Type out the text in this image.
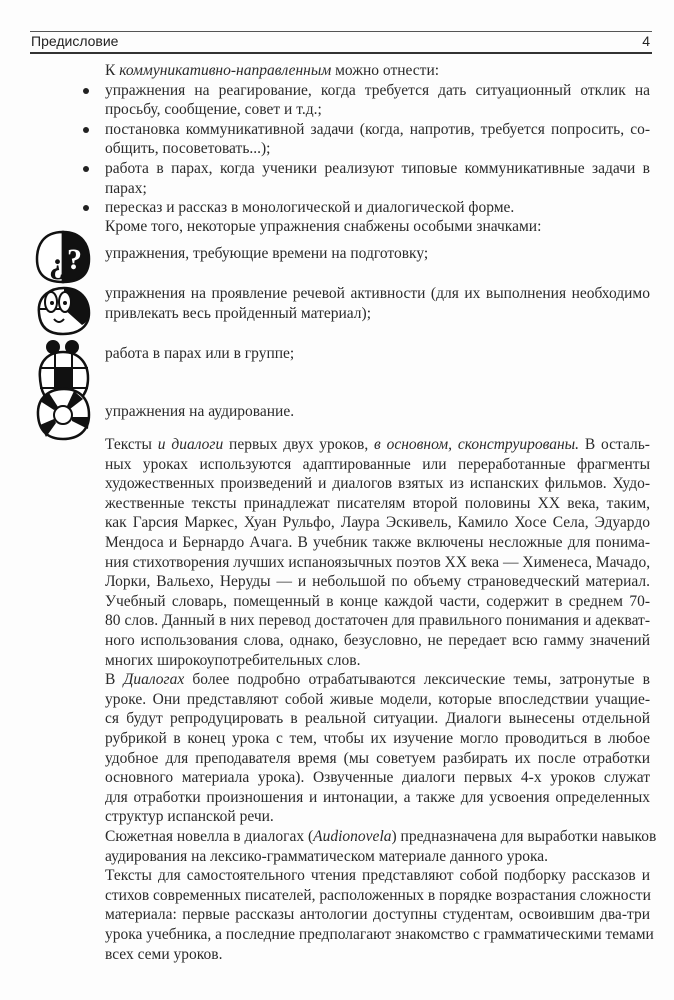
Предисловие	4
К коммуникативно-направленным можно отнести:
упражнения на реагирование, когда требуется дать ситуационный отклик на
просьбу, сообщение, совет и т.д.;
постановка коммуникативной задачи (когда, напротив, требуется попросить, со-
общить, посоветовать...);
работа в парах, когда ученики реализуют типовые коммуникативные задачи в
парах;
пересказ и рассказ в монологической и диалогической форме.
Кроме того, некоторые упражнения снабжены особыми значками:
упражнения, требующие времени на подготовку;
упражнения на проявление речевой активности (для их выполнения необходимо
привлекать весь пройденный материал);
работа в парах или в группе;
упражнения на аудирование.
¿ ?
Тексты и диалоги первых двух уроков, в основном, сконструированы. В осталь-
ных уроках используются адаптированные или переработанные фрагменты
художественных произведений и диалогов взятых из испанских фильмов. Худо-
жественные тексты принадлежат писателям второй половины XX века, таким,
как Гарсия Маркес, Хуан Рульфо, Лаура Эскивель, Камило Хосе Села, Эдуардо
Мендоса и Бернардо Ачага. В учебник также включены несложные для понима-
ния стихотворения лучших испаноязычных поэтов XX века — Хименеса, Мачадо,
Лорки, Вальехо, Неруды — и небольшой по объему страноведческий материал.
Учебный словарь, помещенный в конце каждой части, содержит в среднем 70-
80 слов. Данный в них перевод достаточен для правильного понимания и адекват-
ного использования слова, однако, безусловно, не передает всю гамму значений
многих широкоупотребительных слов.
В Диалогах более подробно отрабатываются лексические темы, затронутые в
уроке. Они представляют собой живые модели, которые впоследствии учащие-
ся будут репродуцировать в реальной ситуации. Диалоги вынесены отдельной
рубрикой в конец урока с тем, чтобы их изучение могло проводиться в любое
удобное для преподавателя время (мы советуем разбирать их после отработки
основного материала урока). Озвученные диалоги первых 4-х уроков служат
для отработки произношения и интонации, а также для усвоения определенных
структур испанской речи.
Сюжетная новелла в диалогах (Audionovela) предназначена для выработки навыков
аудирования на лексико-грамматическом материале данного урока.
Тексты для самостоятельного чтения представляют собой подборку рассказов и
стихов современных писателей, расположенных в порядке возрастания сложности
материала: первые рассказы антологии доступны студентам, освоившим два-три
урока учебника, а последние предполагают знакомство с грамматическими темами
всех семи уроков.
